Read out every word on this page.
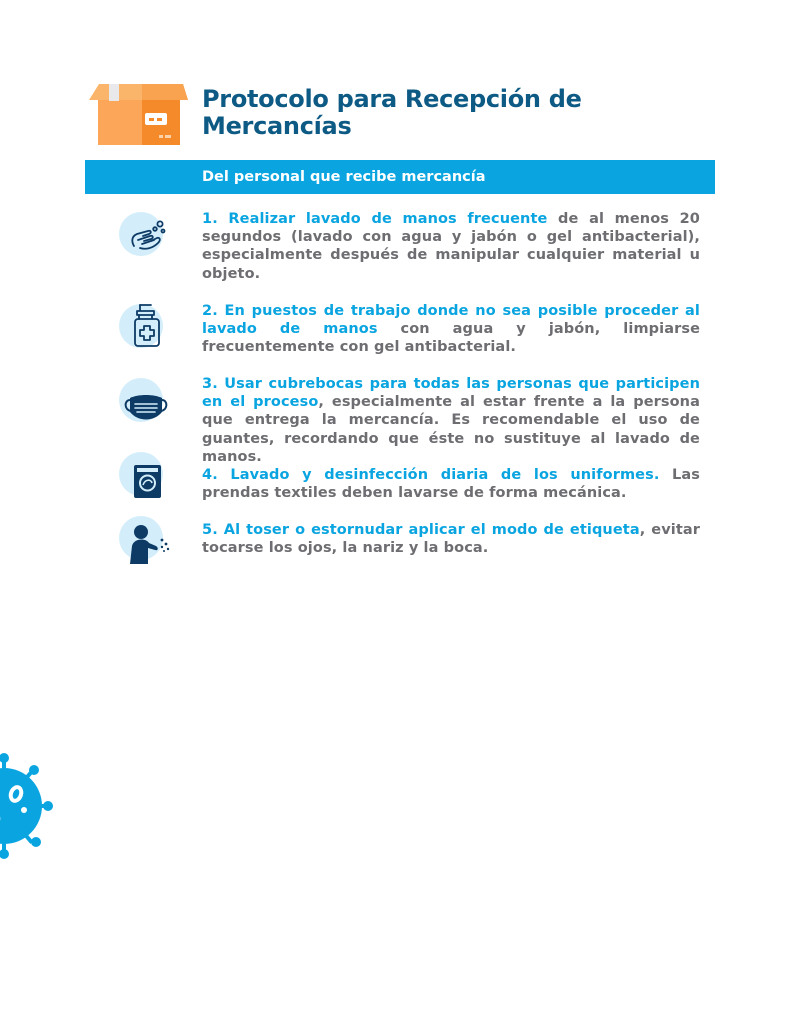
Protocolo para Recepción de
Mercancías
Del personal que recibe mercancía
1. Realizar lavado de manos frecuente de al menos 20 segundos (lavado con agua y jabón o gel antibacterial), especialmente después de manipular cualquier material u objeto.
2. En puestos de trabajo donde no sea posible proceder al lavado de manos con agua y jabón, limpiarse frecuentemente con gel antibacterial.
3. Usar cubrebocas para todas las personas que participen en el proceso, especialmente al estar frente a la persona que entrega la mercancía. Es recomendable el uso de guantes, recordando que éste no sustituye al lavado de manos.
4. Lavado y desinfección diaria de los uniformes. Las prendas textiles deben lavarse de forma mecánica.
5. Al toser o estornudar aplicar el modo de etiqueta, evitar tocarse los ojos, la nariz y la boca.
